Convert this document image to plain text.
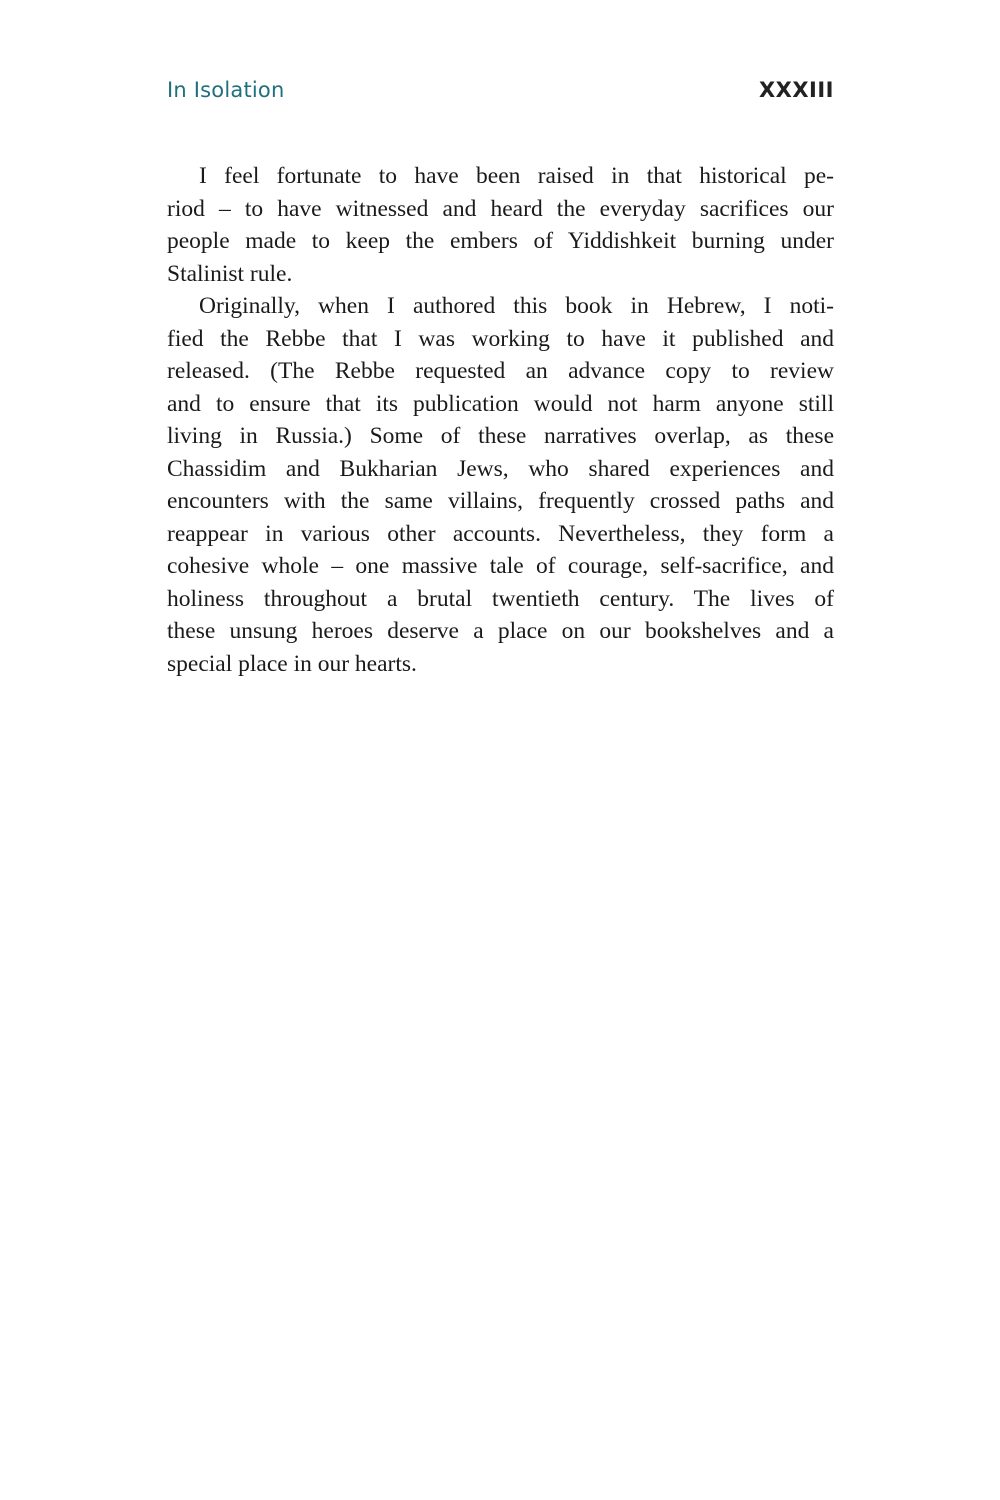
In Isolation	XXXIII
I feel fortunate to have been raised in that historical pe-
riod – to have witnessed and heard the everyday sacrifices our
people made to keep the embers of Yiddishkeit burning under
Stalinist rule.
Originally, when I authored this book in Hebrew, I noti-
fied the Rebbe that I was working to have it published and
released. (The Rebbe requested an advance copy to review
and to ensure that its publication would not harm anyone still
living in Russia.) Some of these narratives overlap, as these
Chassidim and Bukharian Jews, who shared experiences and
encounters with the same villains, frequently crossed paths and
reappear in various other accounts. Nevertheless, they form a
cohesive whole – one massive tale of courage, self-sacrifice, and
holiness throughout a brutal twentieth century. The lives of
these unsung heroes deserve a place on our bookshelves and a
special place in our hearts.
